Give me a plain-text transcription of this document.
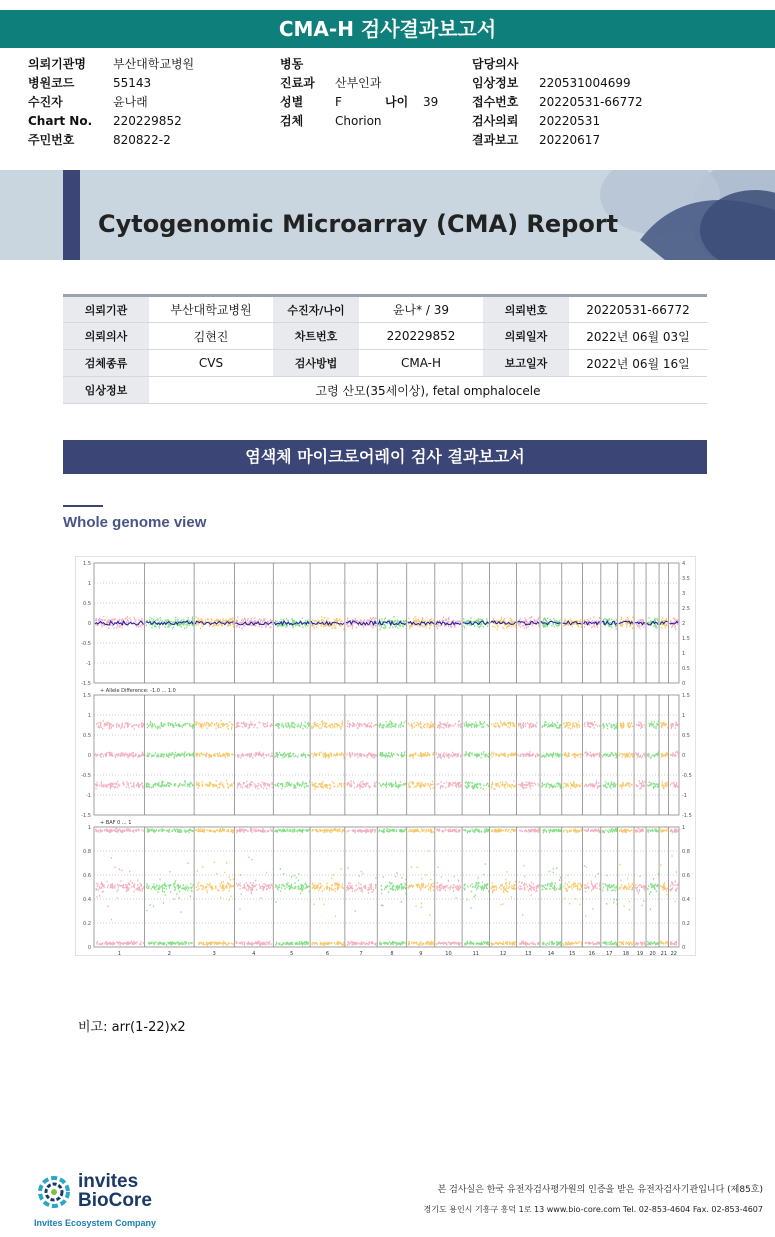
CMA-H 검사결과보고서
의뢰기관명 부산대학교병원
병원코드	55143
수진자	윤나래
Chart No. 220229852
주민번호	820822-2
병동
진료과 산부인과
성별	F	나이 39
검체	Chorion
담당의사
임상정보 220531004699
접수번호 20220531-66772
검사의뢰 20220531
결과보고 20220617
Cytogenomic Microarray (CMA) Report
의뢰기관	부산대학교병원	수진자/나이	윤나* / 39	의뢰번호	20220531-66772
의뢰의사	김현진	차트번호	220229852	의뢰일자	2022년 06월 03일
검체종류	CVS	검사방법	CMA-H	보고일자	2022년 06월 16일
임상정보	고령 산모(35세이상), fetal omphalocele				
염색체 마이크로어레이 검사 결과보고서
Whole genome view
1.5
1
0.5
0
-0.5
-1
-1.5
4
3.5
3
2.5
2
1.5
1
0.5
0
1.5
1
0.5
0
-0.5
-1
-1.5
1.5
1
0.5
0
-0.5
-1
-1.5
+ Allele Difference: -1.0 ... 1.0
1
0.8
0.6
0.4
0.2
0
1
0.8
0.6
0.4
0.2
0
+ BAF 0 ... 1
1	2	3	4	5	6	7	8	9	10	11	12	13	14	15	16 17 18 19 20 21 22
비고: arr(1-22)x2
invites
BioCore
Invites Ecosystem Company
본 검사실은 한국 유전자검사평가원의 인증을 받은 유전자검사기관입니다 (제85호)
경기도 용인시 기흥구 흥덕 1로 13 www.bio-core.com Tel. 02-853-4604 Fax. 02-853-4607
